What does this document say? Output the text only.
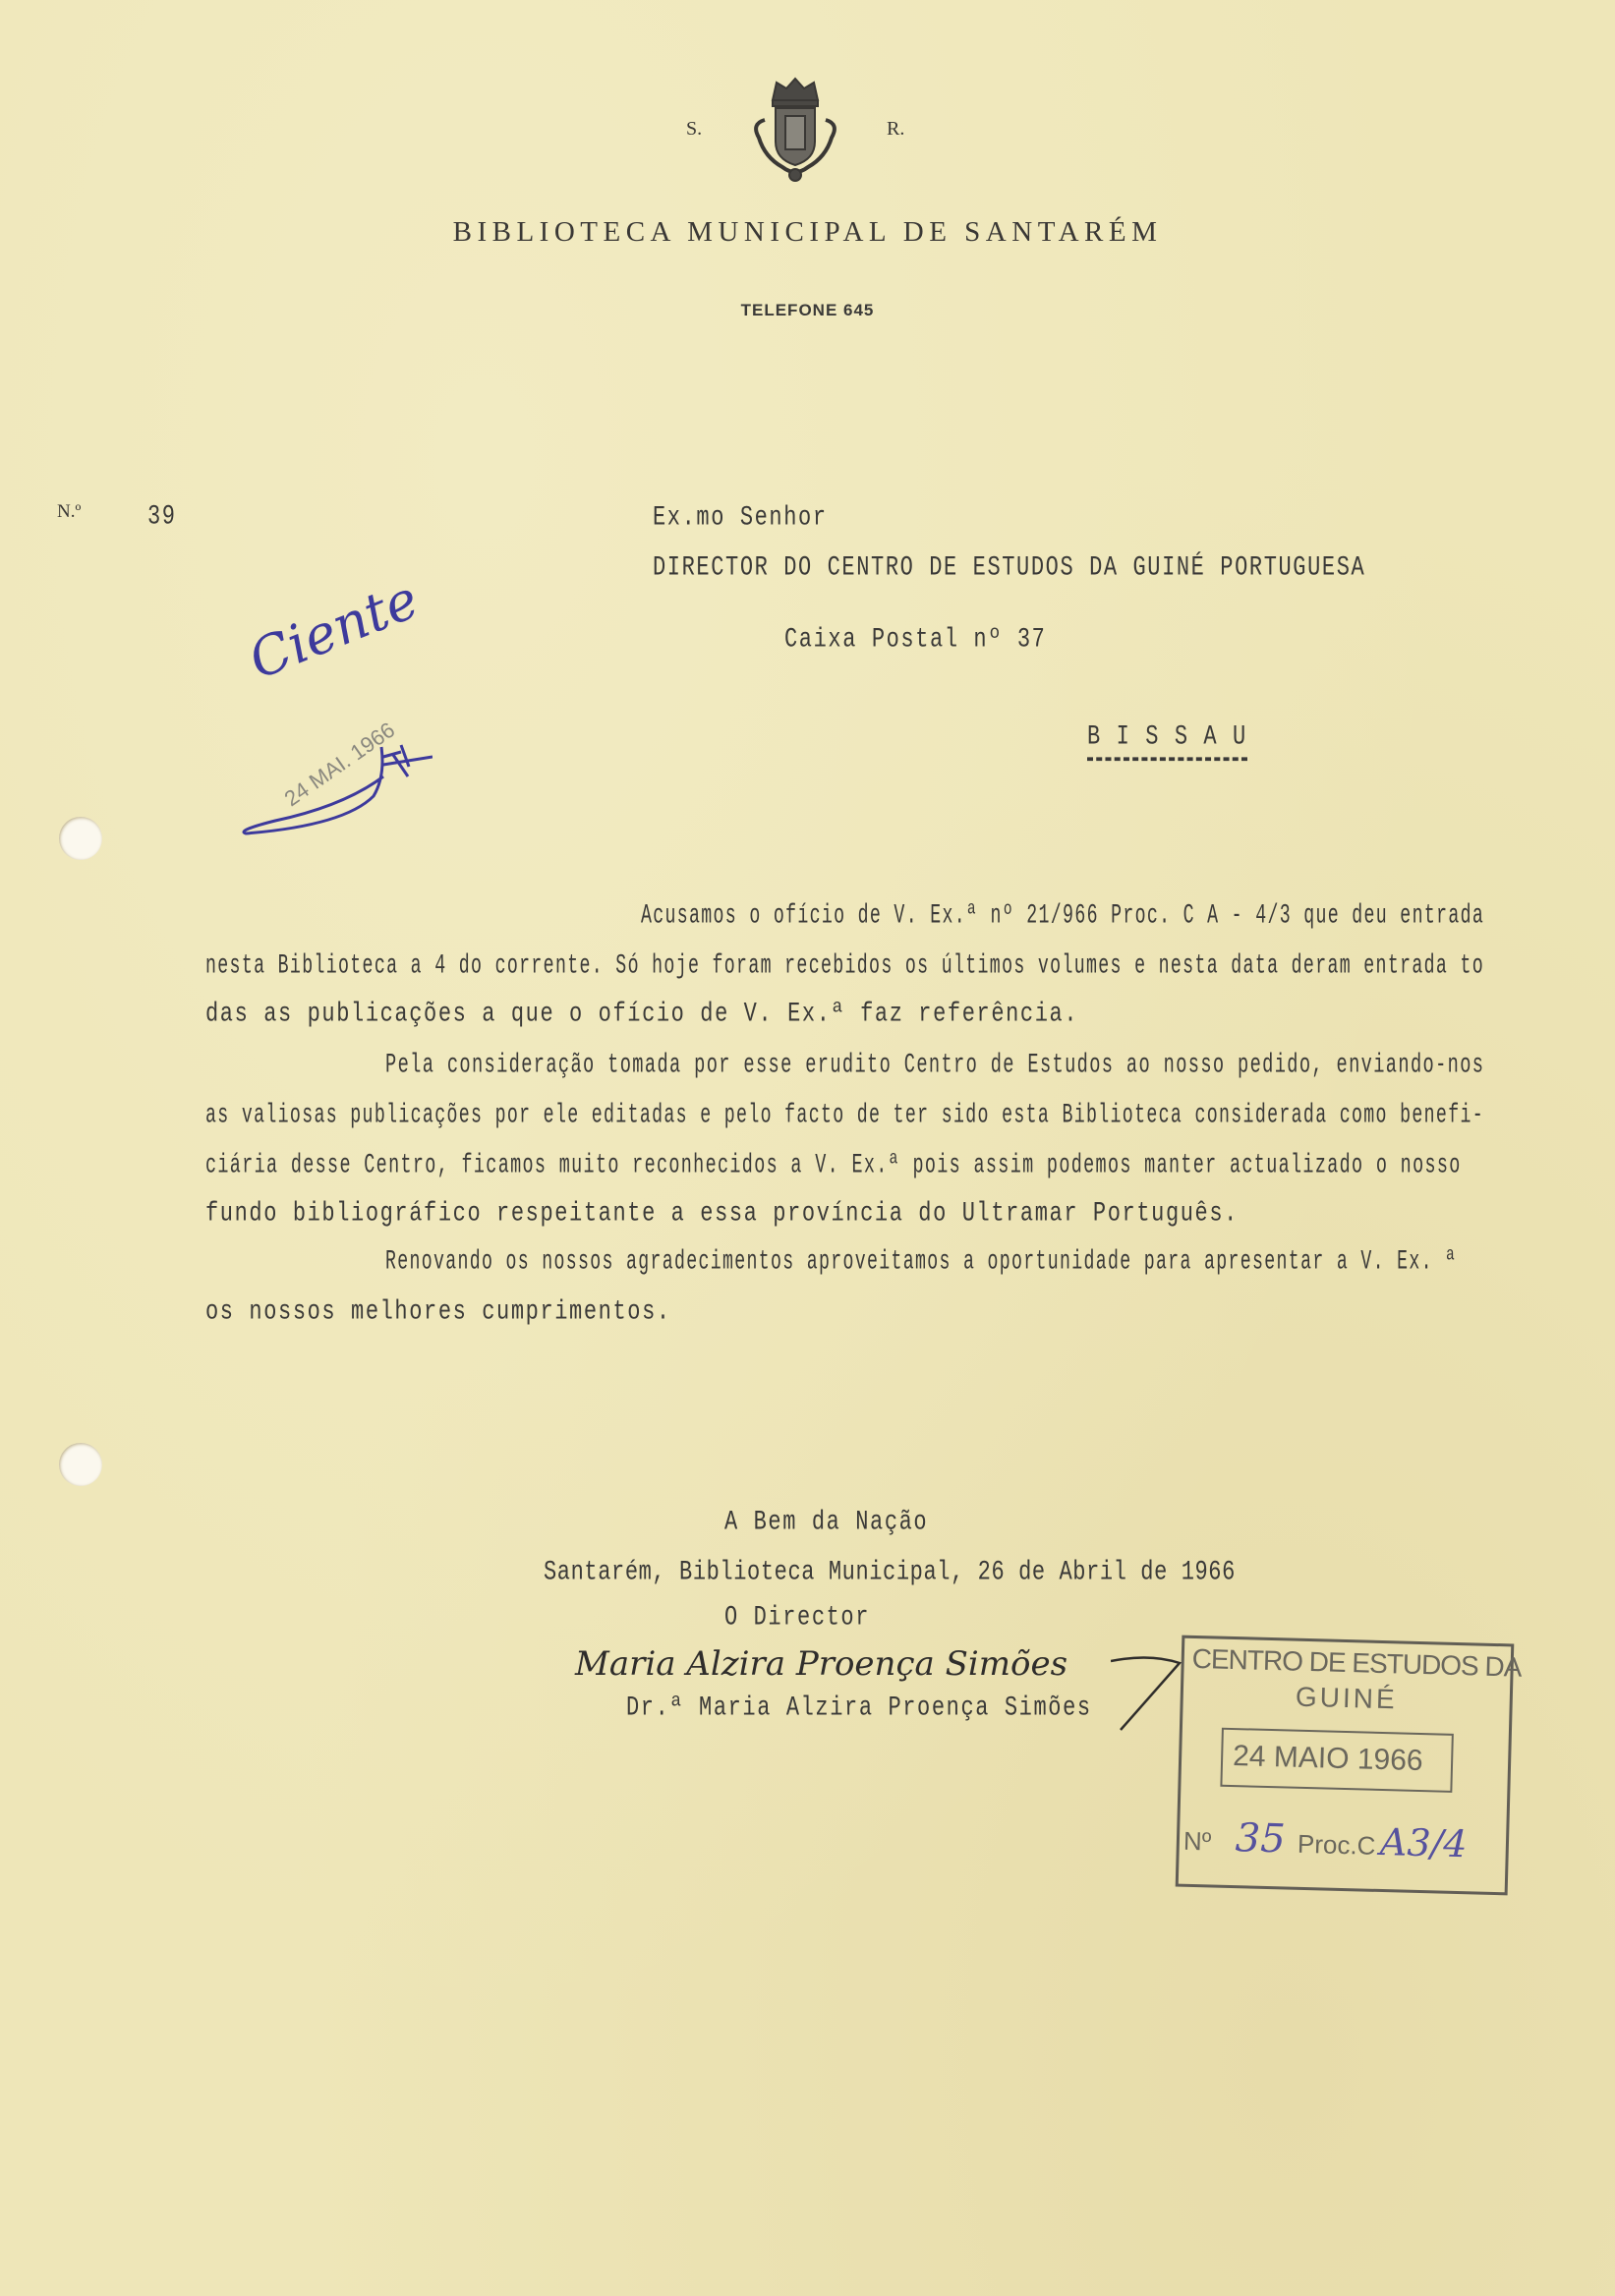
S.	R.
BIBLIOTECA MUNICIPAL DE SANTARÉM
TELEFONE 645
N.º	39	Ex.mo Senhor
DIRECTOR DO CENTRO DE ESTUDOS DA GUINÉ PORTUGUESA
Caixa Postal nº 37
B I S S A U
Ciente
24 MAI. 1966
Acusamos o ofício de V. Ex.ª nº 21/966 Proc. C A - 4/3 que deu entrada
nesta Biblioteca a 4 do corrente. Só hoje foram recebidos os últimos volumes e nesta data deram entrada to
das as publicações a que o ofício de V. Ex.ª faz referência.
Pela consideração tomada por esse erudito Centro de Estudos ao nosso pedido, enviando-nos
as valiosas publicações por ele editadas e pelo facto de ter sido esta Biblioteca considerada como benefi-
ciária desse Centro, ficamos muito reconhecidos a V. Ex.ª pois assim podemos manter actualizado o nosso
fundo bibliográfico respeitante a essa província do Ultramar Português.
Renovando os nossos agradecimentos aproveitamos a oportunidade para apresentar a V. Ex. ª
os nossos melhores cumprimentos.
A Bem da Nação
Santarém, Biblioteca Municipal, 26 de Abril de 1966
O Director
Maria Alzira Proença Simões
Dr.ª Maria Alzira Proença Simões
CENTRO DE ESTUDOS DA
GUINÉ
24 MAIO 1966
Nº 35 Proc.C A3/4
